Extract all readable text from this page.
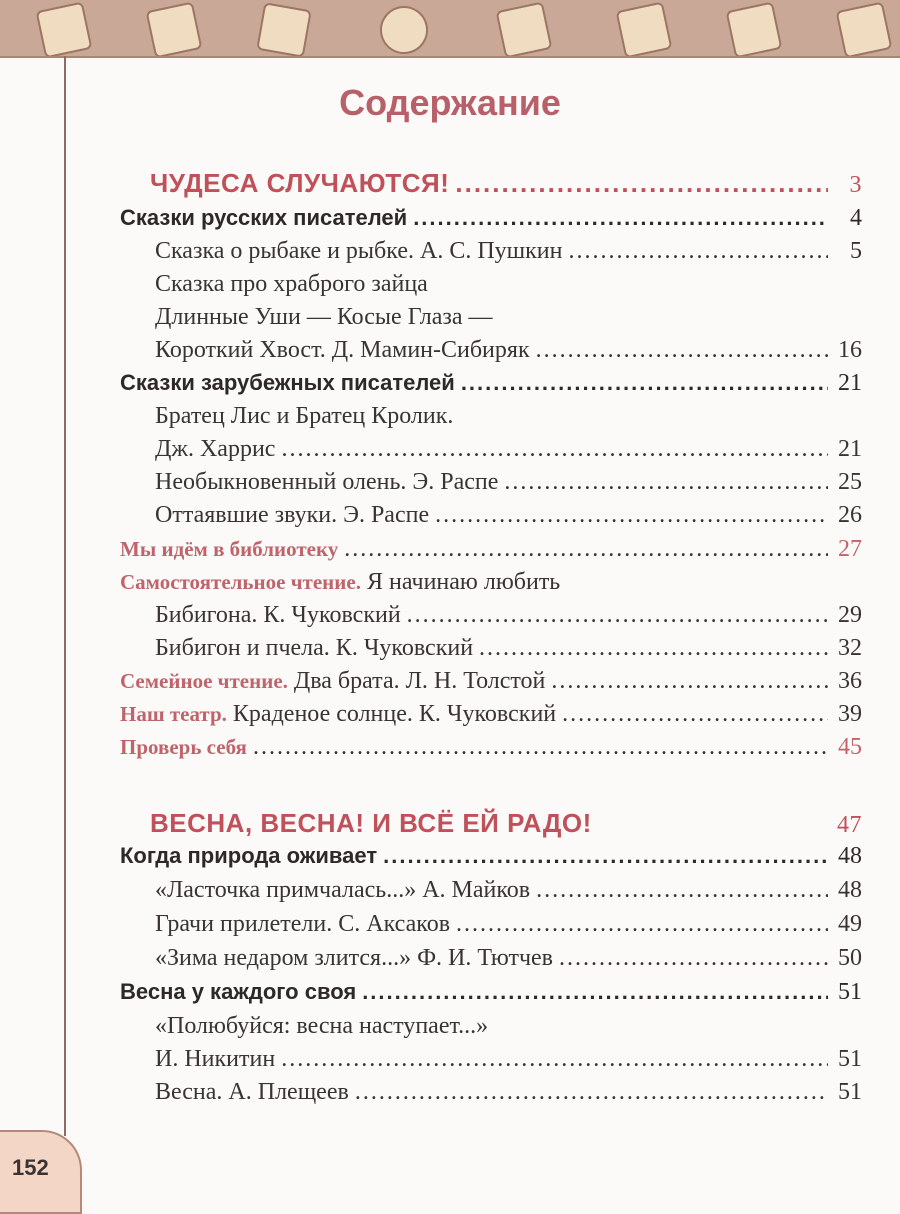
Содержание
ЧУДЕСА СЛУЧАЮТСЯ! .....	3
Сказки русских писателей .....	4
Сказка о рыбаке и рыбке. А. С. Пушкин .....	5
Сказка про храброго зайца
Длинные Уши — Косые Глаза —
Короткий Хвост. Д. Мамин-Сибиряк .....	16
Сказки зарубежных писателей .....	21
Братец Лис и Братец Кролик.
Дж. Харрис .....	21
Необыкновенный олень. Э. Распе .....	25
Оттаявшие звуки. Э. Распе .....	26
Мы идём в библиотеку .....	27
Самостоятельное чтение.
Я начинаю любить
Бибигона. К. Чуковский .....	29
Бибигон и пчела. К. Чуковский .....	32
Семейное чтение.
Два брата. Л. Н. Толстой .....	36
Наш театр.
Краденое солнце. К. Чуковский .....	39
Проверь себя .....	45
ВЕСНА, ВЕСНА! И ВСЁ ЕЙ РАДО!	47
Когда природа оживает .....	48
«Ласточка примчалась...» А. Майков .....	48
Грачи прилетели. С. Аксаков .....	49
«Зима недаром злится...» Ф. И. Тютчев .....	50
Весна у каждого своя .....	51
«Полюбуйся: весна наступает...»
И. Никитин .....	51
Весна. А. Плещеев .....	51
152
